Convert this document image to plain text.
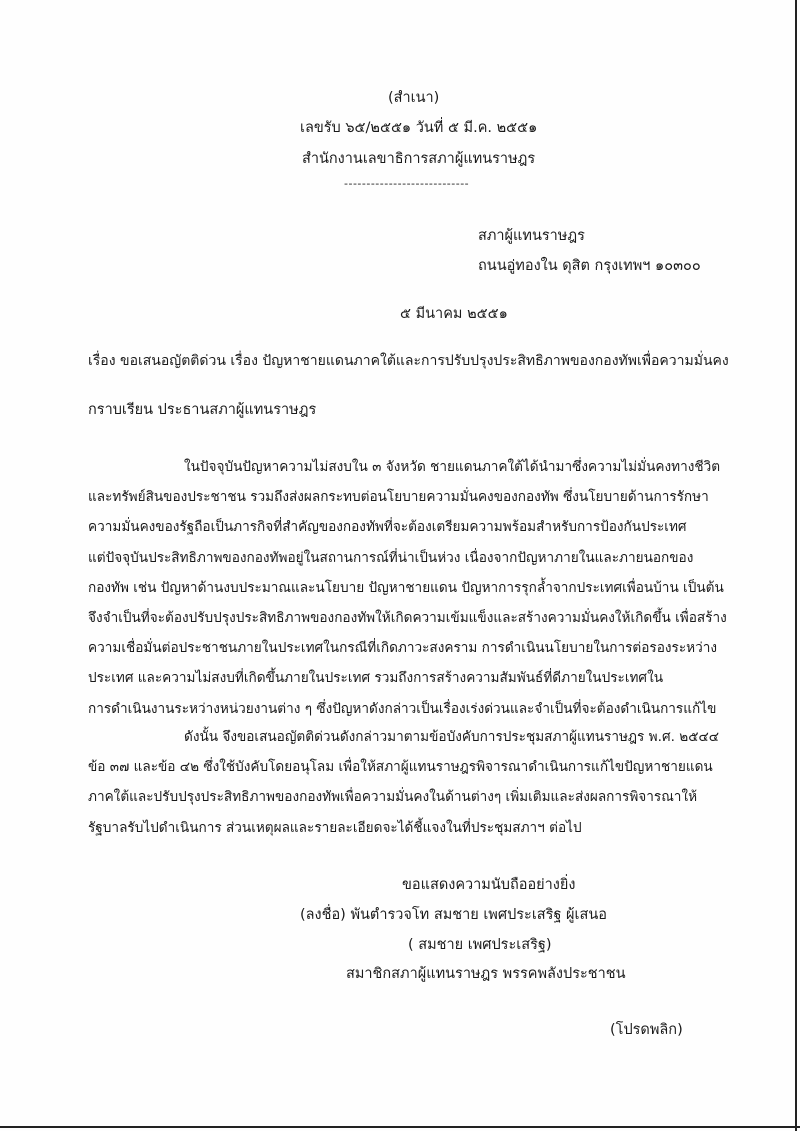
(สำเนา)
เลขรับ ๖๕/๒๕๕๑ วันที่ ๕ มี.ค. ๒๕๕๑
สำนักงานเลขาธิการสภาผู้แทนราษฎร
----------------------------
สภาผู้แทนราษฎร
ถนนอู่ทองใน ดุสิต กรุงเทพฯ ๑๐๓๐๐
๕ มีนาคม ๒๕๕๑
เรื่อง ขอเสนอญัตติด่วน เรื่อง ปัญหาชายแดนภาคใต้และการปรับปรุงประสิทธิภาพของกองทัพเพื่อความมั่นคง
กราบเรียน ประธานสภาผู้แทนราษฎร
ในปัจจุบันปัญหาความไม่สงบใน ๓ จังหวัด ชายแดนภาคใต้ได้นำมาซึ่งความไม่มั่นคงทางชีวิต
และทรัพย์สินของประชาชน รวมถึงส่งผลกระทบต่อนโยบายความมั่นคงของกองทัพ ซึ่งนโยบายด้านการรักษา
ความมั่นคงของรัฐถือเป็นภารกิจที่สำคัญของกองทัพที่จะต้องเตรียมความพร้อมสำหรับการป้องกันประเทศ
แต่ปัจจุบันประสิทธิภาพของกองทัพอยู่ในสถานการณ์ที่น่าเป็นห่วง เนื่องจากปัญหาภายในและภายนอกของ
กองทัพ เช่น ปัญหาด้านงบประมาณและนโยบาย ปัญหาชายแดน ปัญหาการรุกล้ำจากประเทศเพื่อนบ้าน เป็นต้น
จึงจำเป็นที่จะต้องปรับปรุงประสิทธิภาพของกองทัพให้เกิดความเข้มแข็งและสร้างความมั่นคงให้เกิดขึ้น เพื่อสร้าง
ความเชื่อมั่นต่อประชาชนภายในประเทศในกรณีที่เกิดภาวะสงคราม การดำเนินนโยบายในการต่อรองระหว่าง
ประเทศ และความไม่สงบที่เกิดขึ้นภายในประเทศ รวมถึงการสร้างความสัมพันธ์ที่ดีภายในประเทศใน
การดำเนินงานระหว่างหน่วยงานต่าง ๆ ซึ่งปัญหาดังกล่าวเป็นเรื่องเร่งด่วนและจำเป็นที่จะต้องดำเนินการแก้ไข
ดังนั้น จึงขอเสนอญัตติด่วนดังกล่าวมาตามข้อบังคับการประชุมสภาผู้แทนราษฎร พ.ศ. ๒๕๔๔
ข้อ ๓๗ และข้อ ๔๒ ซึ่งใช้บังคับโดยอนุโลม เพื่อให้สภาผู้แทนราษฎรพิจารณาดำเนินการแก้ไขปัญหาชายแดน
ภาคใต้และปรับปรุงประสิทธิภาพของกองทัพเพื่อความมั่นคงในด้านต่างๆ เพิ่มเติมและส่งผลการพิจารณาให้
รัฐบาลรับไปดำเนินการ ส่วนเหตุผลและรายละเอียดจะได้ชี้แจงในที่ประชุมสภาฯ ต่อไป
ขอแสดงความนับถืออย่างยิ่ง
(ลงชื่อ) พันตำรวจโท สมชาย เพศประเสริฐ ผู้เสนอ
( สมชาย เพศประเสริฐ)
สมาชิกสภาผู้แทนราษฎร พรรคพลังประชาชน
(โปรดพลิก)
